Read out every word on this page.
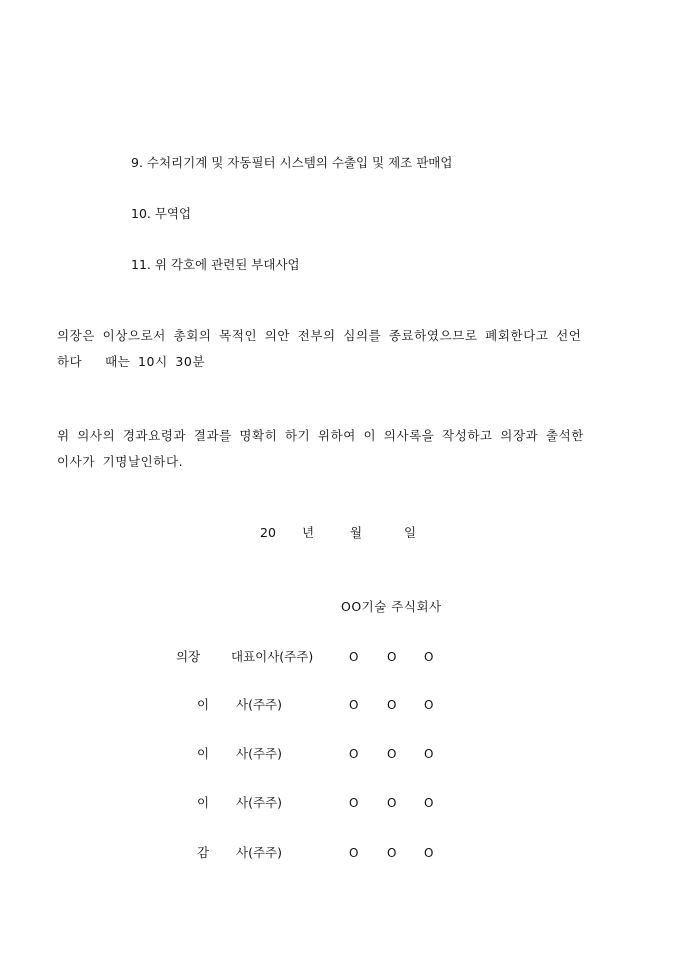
9. 수처리기계 및 자동필터 시스템의 수출입 및 제조 판매업
10. 무역업
11. 위 각호에 관련된 부대사업
의장은 이상으로서 총회의 목적인 의안 전부의 심의를 종료하였으므로 폐회한다고 선언
하다   때는 10시 30분
위 의사의 경과요령과 결과를 명확히 하기 위하여 이 의사록을 작성하고 의장과 출석한
이사가 기명날인하다.
20 년	월	일
OO기술 주식회사
의장 대표이사(주주)	O O O
이 사(주주)	O O O
이 사(주주)	O O O
이 사(주주)	O O O
감 사(주주)	O O O
